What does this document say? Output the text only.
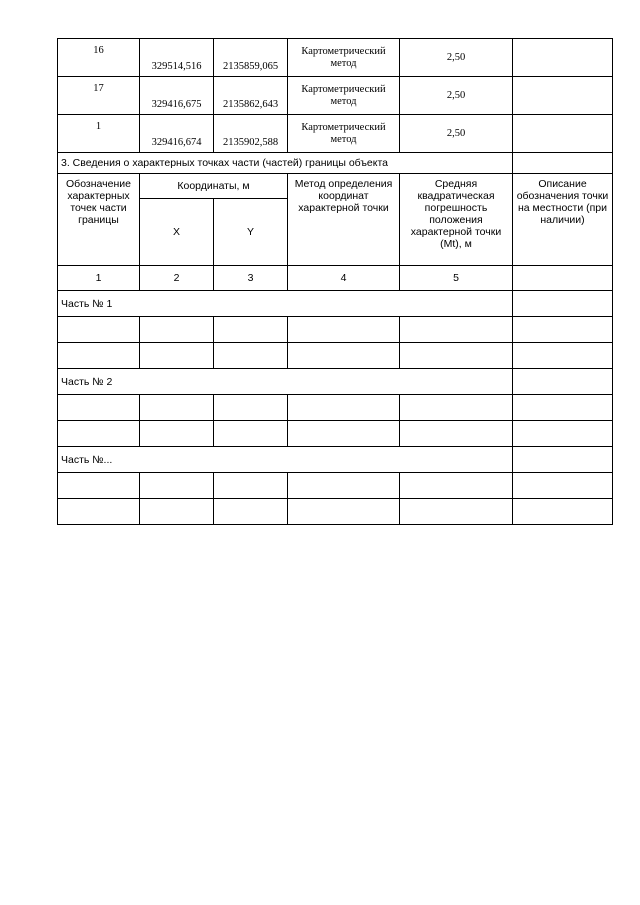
16	329514,516	2135859,065	Картометрический метод	2,50	
17	329416,675	2135862,643	Картометрический метод	2,50	
1	329416,674	2135902,588	Картометрический метод	2,50	
3. Сведения о характерных точках части (частей) границы объекта					
Обозначение характерных точек части границы	Координаты, м		Метод определения координат характерной точки	Средняя квадратическая погрешность положения характерной точки (Mt), м	Описание обозначения точки на местности (при наличии)
	X	Y			
1	2	3	4	5	
Часть № 1					

Часть № 2					

Часть №...					
